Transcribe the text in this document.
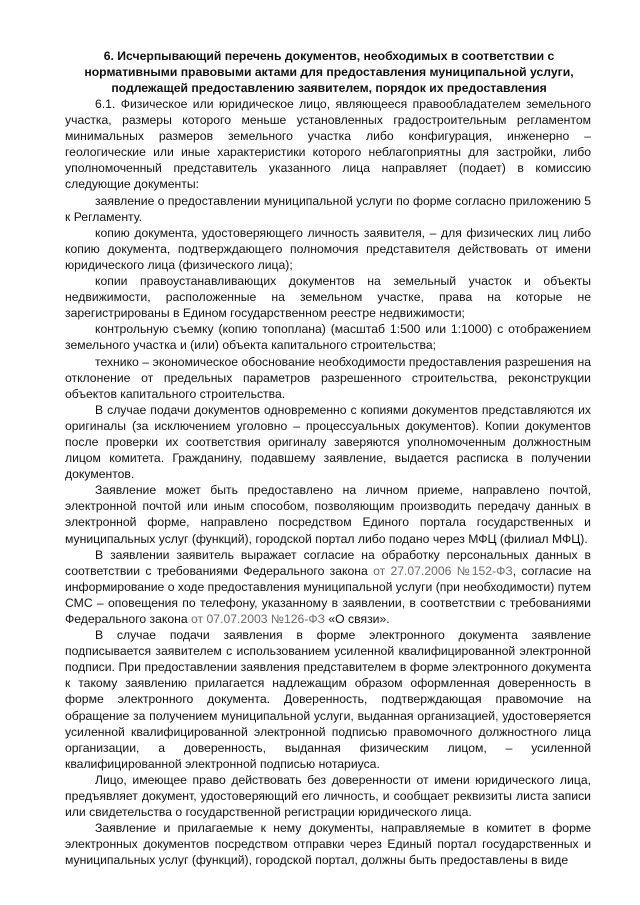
6. Исчерпывающий перечень документов, необходимых в соответствии с нормативными правовыми актами для предоставления муниципальной услуги, подлежащей предоставлению заявителем, порядок их предоставления

6.1. Физическое или юридическое лицо, являющееся правообладателем земельного участка, размеры которого меньше установленных градостроительным регламентом минимальных размеров земельного участка либо конфигурация, инженерно – геологические или иные характеристики которого неблагоприятны для застройки, либо уполномоченный представитель указанного лица направляет (подает) в комиссию следующие документы:

заявление о предоставлении муниципальной услуги по форме согласно приложению 5 к Регламенту.

копию документа, удостоверяющего личность заявителя, – для физических лиц либо копию документа, подтверждающего полномочия представителя действовать от имени юридического лица (физического лица);

копии правоустанавливающих документов на земельный участок и объекты недвижимости, расположенные на земельном участке, права на которые не зарегистрированы в Едином государственном реестре недвижимости;

контрольную съемку (копию топоплана) (масштаб 1:500 или 1:1000) с отображением земельного участка и (или) объекта капитального строительства;

технико – экономическое обоснование необходимости предоставления разрешения на отклонение от предельных параметров разрешенного строительства, реконструкции объектов капитального строительства.

В случае подачи документов одновременно с копиями документов представляются их оригиналы (за исключением уголовно – процессуальных документов). Копии документов после проверки их соответствия оригиналу заверяются уполномоченным должностным лицом комитета. Гражданину, подавшему заявление, выдается расписка в получении документов.

Заявление может быть предоставлено на личном приеме, направлено почтой, электронной почтой или иным способом, позволяющим производить передачу данных в электронной форме, направлено посредством Единого портала государственных и муниципальных услуг (функций), городской портал либо подано через МФЦ (филиал МФЦ).

В заявлении заявитель выражает согласие на обработку персональных данных в соответствии с требованиями Федерального закона от 27.07.2006 №152-ФЗ, согласие на информирование о ходе предоставления муниципальной услуги (при необходимости) путем СМС – оповещения по телефону, указанному в заявлении, в соответствии с требованиями Федерального закона от 07.07.2003 №126-ФЗ «О связи».

В случае подачи заявления в форме электронного документа заявление подписывается заявителем с использованием усиленной квалифицированной электронной подписи. При предоставлении заявления представителем в форме электронного документа к такому заявлению прилагается надлежащим образом оформленная доверенность в форме электронного документа. Доверенность, подтверждающая правомочие на обращение за получением муниципальной услуги, выданная организацией, удостоверяется усиленной квалифицированной электронной подписью правомочного должностного лица организации, а доверенность, выданная физическим лицом, – усиленной квалифицированной электронной подписью нотариуса.

Лицо, имеющее право действовать без доверенности от имени юридического лица, предъявляет документ, удостоверяющий его личность, и сообщает реквизиты листа записи или свидетельства о государственной регистрации юридического лица.

Заявление и прилагаемые к нему документы, направляемые в комитет в форме электронных документов посредством отправки через Единый портал государственных и муниципальных услуг (функций), городской портал, должны быть предоставлены в виде
